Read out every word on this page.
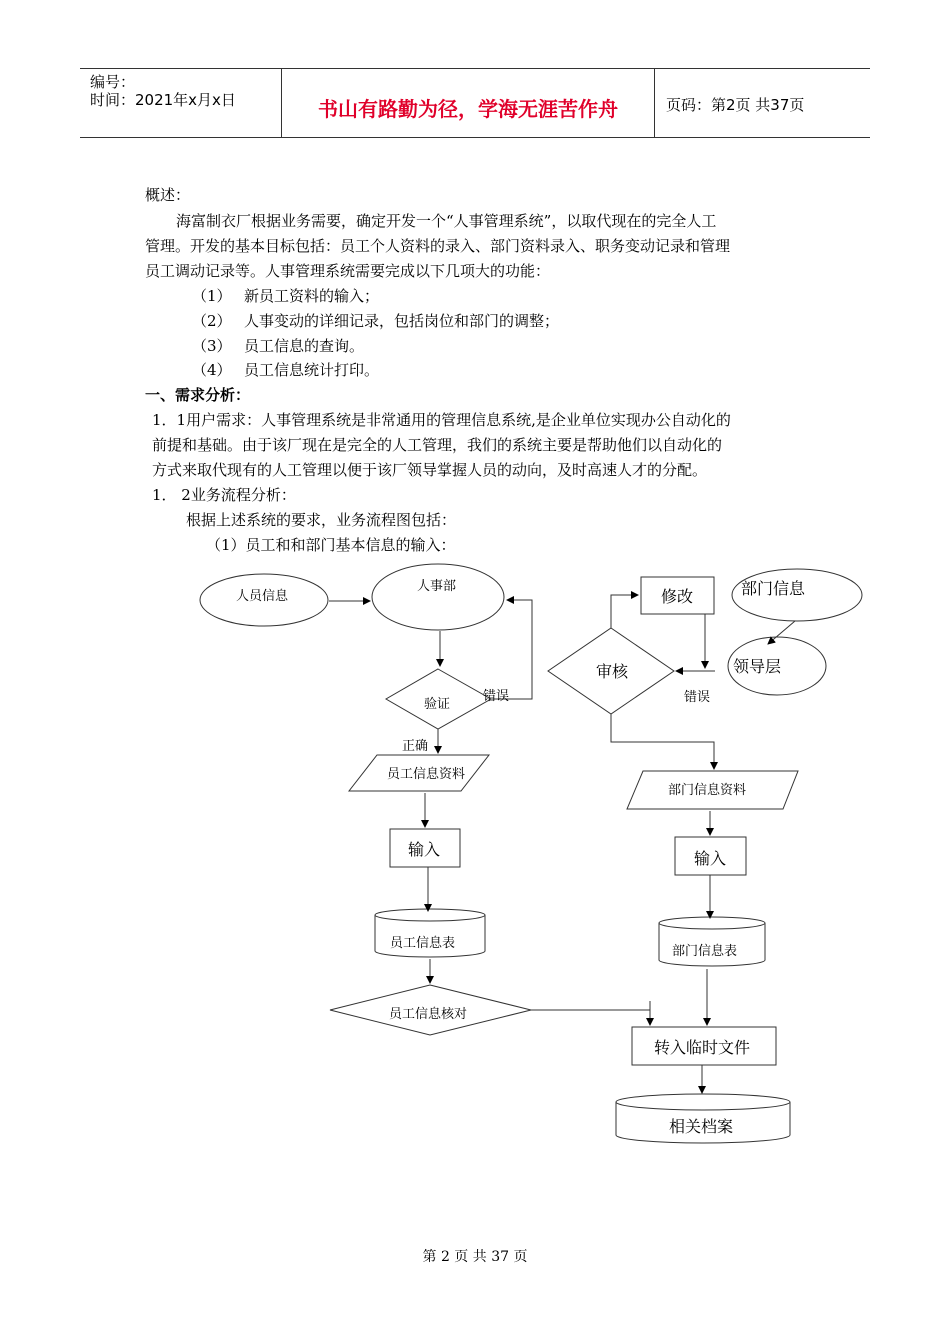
编号：
时间：2021年x月x日	书山有路勤为径，学海无涯苦作舟	页码：第2页 共37页
概述：
海富制衣厂根据业务需要，确定开发一个“人事管理系统”，以取代现在的完全人工
管理。开发的基本目标包括：员工个人资料的录入、部门资料录入、职务变动记录和管理
员工调动记录等。人事管理系统需要完成以下几项大的功能：
（1） 新员工资料的输入；
（2） 人事变动的详细记录，包括岗位和部门的调整；
（3） 员工信息的查询。
（4） 员工信息统计打印。
一、需求分析：
1．1用户需求：人事管理系统是非常通用的管理信息系统,是企业单位实现办公自动化的
前提和基础。由于该厂现在是完全的人工管理，我们的系统主要是帮助他们以自动化的
方式来取代现有的人工管理以便于该厂领导掌握人员的动向，及时高速人才的分配。
1． 2业务流程分析：
根据上述系统的要求，业务流程图包括：
（1）员工和和部门基本信息的输入：
人员信息
人事部
验证
错误
正确
员工信息资料
输入
员工信息表
员工信息核对
修改	部门信息
审核	领导层
错误
部门信息资料
输入
部门信息表
转入临时文件
相关档案
第 2 页 共 37 页
